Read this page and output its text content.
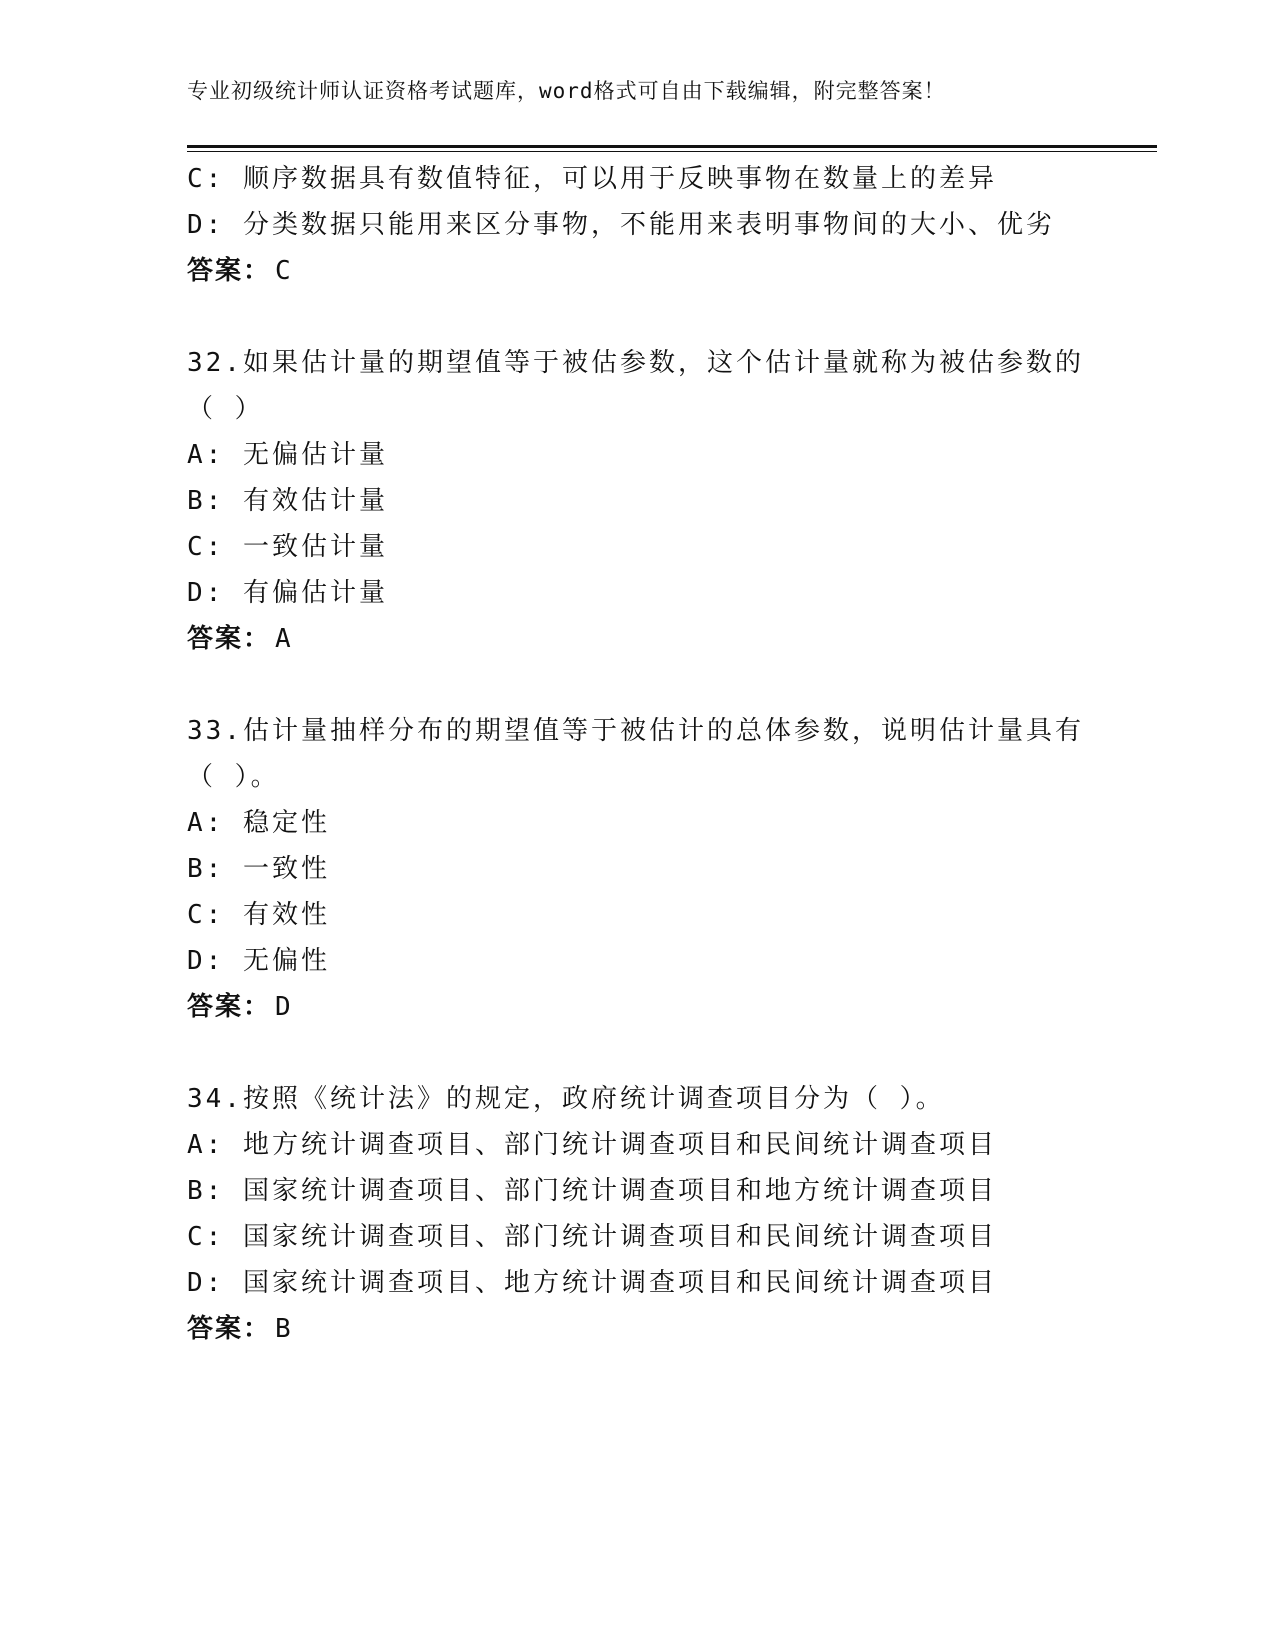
专业初级统计师认证资格考试题库，word格式可自由下载编辑，附完整答案！
C: 顺序数据具有数值特征，可以用于反映事物在数量上的差异
D: 分类数据只能用来区分事物，不能用来表明事物间的大小、优劣
答案： C
32.如果估计量的期望值等于被估参数，这个估计量就称为被估参数的
（ ）
A: 无偏估计量
B: 有效估计量
C: 一致估计量
D: 有偏估计量
答案： A
33.估计量抽样分布的期望值等于被估计的总体参数，说明估计量具有
（ ）。
A: 稳定性
B: 一致性
C: 有效性
D: 无偏性
答案： D
34.按照《统计法》的规定，政府统计调查项目分为（ ）。
A: 地方统计调查项目、部门统计调查项目和民间统计调查项目
B: 国家统计调查项目、部门统计调查项目和地方统计调查项目
C: 国家统计调查项目、部门统计调查项目和民间统计调查项目
D: 国家统计调查项目、地方统计调查项目和民间统计调查项目
答案： B
